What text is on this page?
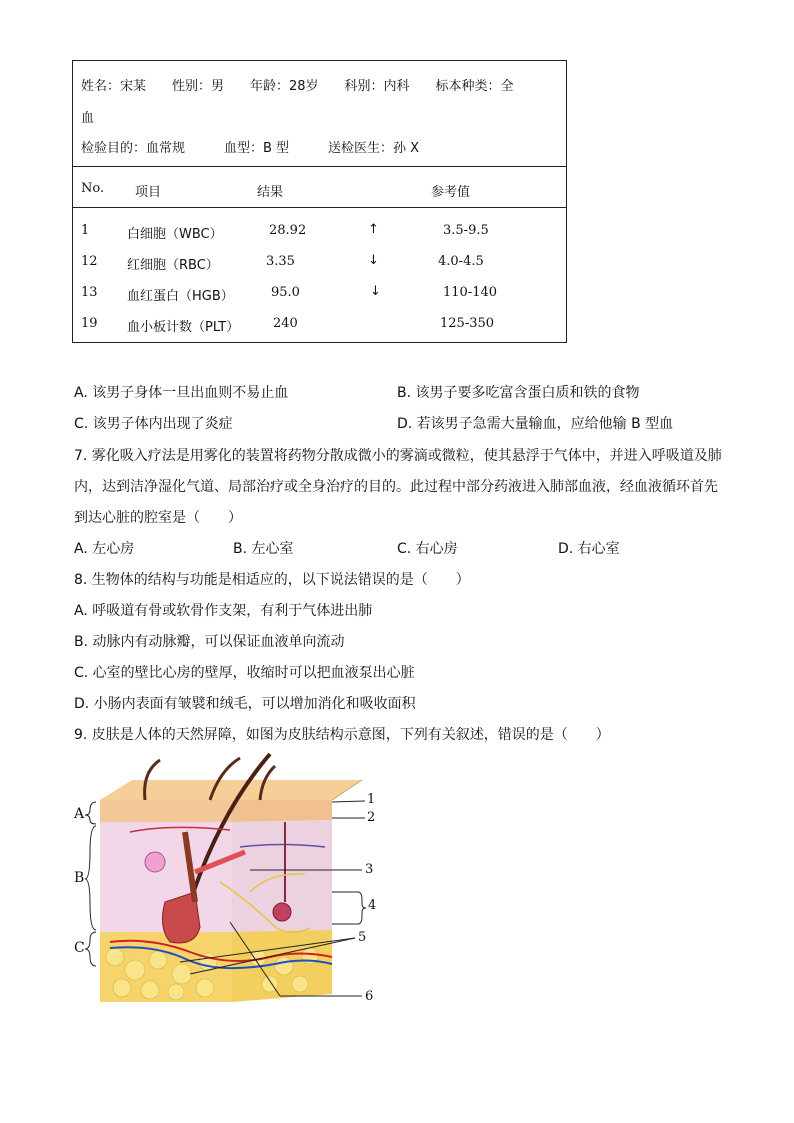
姓名：宋某　　性别：男　　年龄：28岁　　科别：内科　　标本种类：全
血
检验目的：血常规　　　血型：B 型　　　送检医生：孙 X
No. 项目	结果	参考值
1	白细胞（WBC）	28.92	↑	3.5-9.5
12 红细胞（RBC）	3.35	↓	4.0-4.5
13 血红蛋白（HGB）	95.0	↓	110-140
19 血小板计数（PLT）	240	125-350
A. 该男子身体一旦出血则不易止血	B. 该男子要多吃富含蛋白质和铁的食物
C. 该男子体内出现了炎症	D. 若该男子急需大量输血，应给他输 B 型血
7. 雾化吸入疗法是用雾化的装置将药物分散成微小的雾滴或微粒，使其悬浮于气体中，并进入呼吸道及肺
内，达到洁净湿化气道、局部治疗或全身治疗的目的。此过程中部分药液进入肺部血液，经血液循环首先
到达心脏的腔室是（　　）
A. 左心房	B. 左心室	C. 右心房	D. 右心室
8. 生物体的结构与功能是相适应的，以下说法错误的是（　　）
A. 呼吸道有骨或软骨作支架，有利于气体进出肺
B. 动脉内有动脉瓣，可以保证血液单向流动
C. 心室的壁比心房的壁厚，收缩时可以把血液泵出心脏
D. 小肠内表面有皱襞和绒毛，可以增加消化和吸收面积
9. 皮肤是人体的天然屏障，如图为皮肤结构示意图，下列有关叙述，错误的是（　　）
A
B
C
1
2
3
4
5
6
